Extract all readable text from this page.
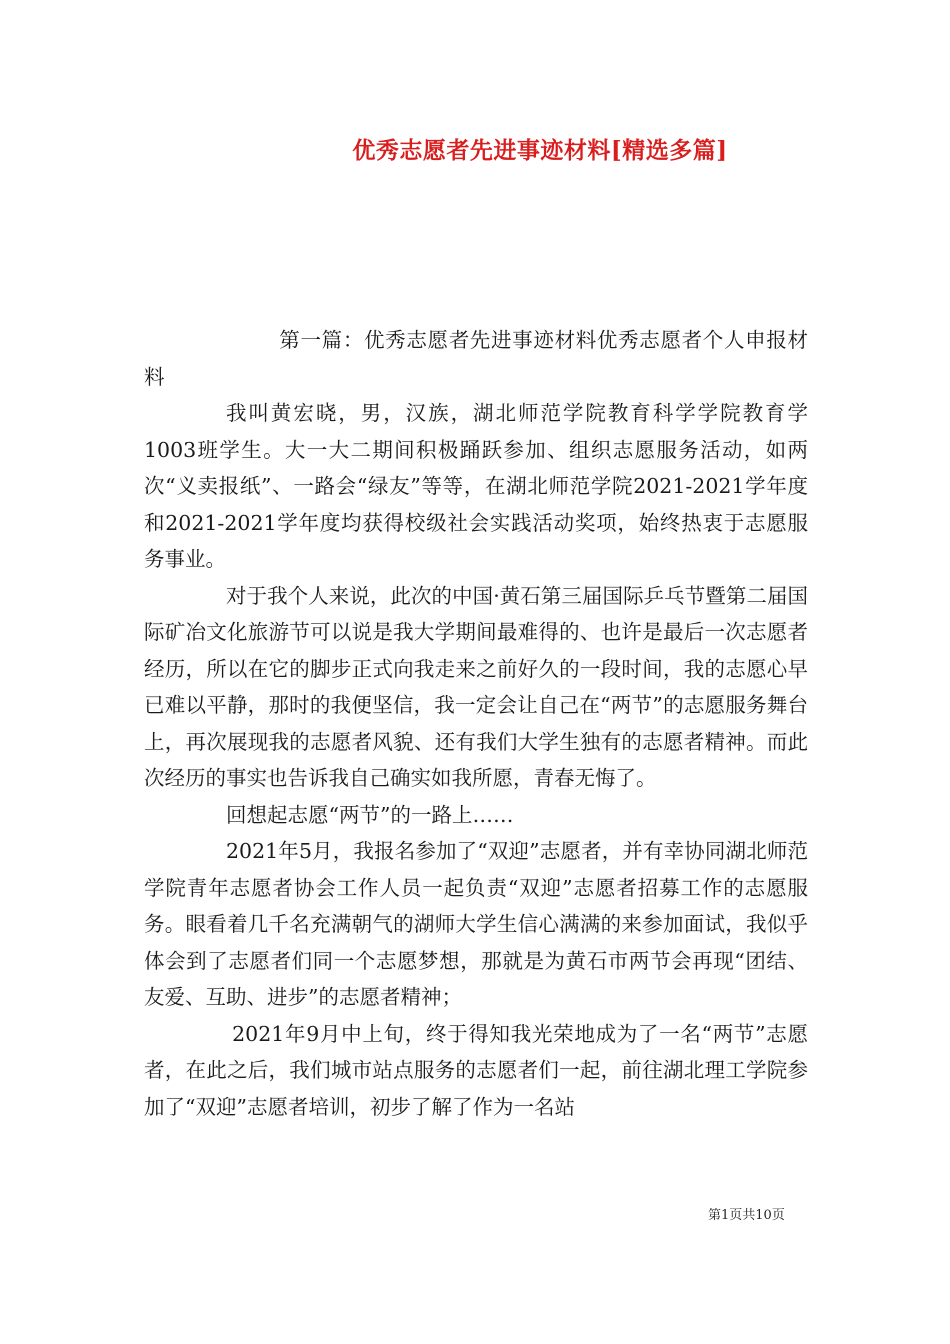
优秀志愿者先进事迹材料[精选多篇]

第一篇：优秀志愿者先进事迹材料优秀志愿者个人申报材料

我叫黄宏晓，男，汉族，湖北师范学院教育科学学院教育学1003班学生。大一大二期间积极踊跃参加、组织志愿服务活动，如两次“义卖报纸”、一路会“绿友”等等，在湖北师范学院2021-2021学年度和2021-2021学年度均获得校级社会实践活动奖项，始终热衷于志愿服务事业。

对于我个人来说，此次的中国·黄石第三届国际乒乓节暨第二届国际矿冶文化旅游节可以说是我大学期间最难得的、也许是最后一次志愿者经历，所以在它的脚步正式向我走来之前好久的一段时间，我的志愿心早已难以平静，那时的我便坚信，我一定会让自己在“两节”的志愿服务舞台上，再次展现我的志愿者风貌、还有我们大学生独有的志愿者精神。而此次经历的事实也告诉我自己确实如我所愿，青春无悔了。

回想起志愿“两节”的一路上……

2021年5月，我报名参加了“双迎”志愿者，并有幸协同湖北师范学院青年志愿者协会工作人员一起负责“双迎”志愿者招募工作的志愿服务。眼看着几千名充满朝气的湖师大学生信心满满的来参加面试，我似乎体会到了志愿者们同一个志愿梦想，那就是为黄石市两节会再现“团结、友爱、互助、进步”的志愿者精神；

2021年9月中上旬，终于得知我光荣地成为了一名“两节”志愿者，在此之后，我们城市站点服务的志愿者们一起，前往湖北理工学院参加了“双迎”志愿者培训，初步了解了作为一名站

第1页共10页
